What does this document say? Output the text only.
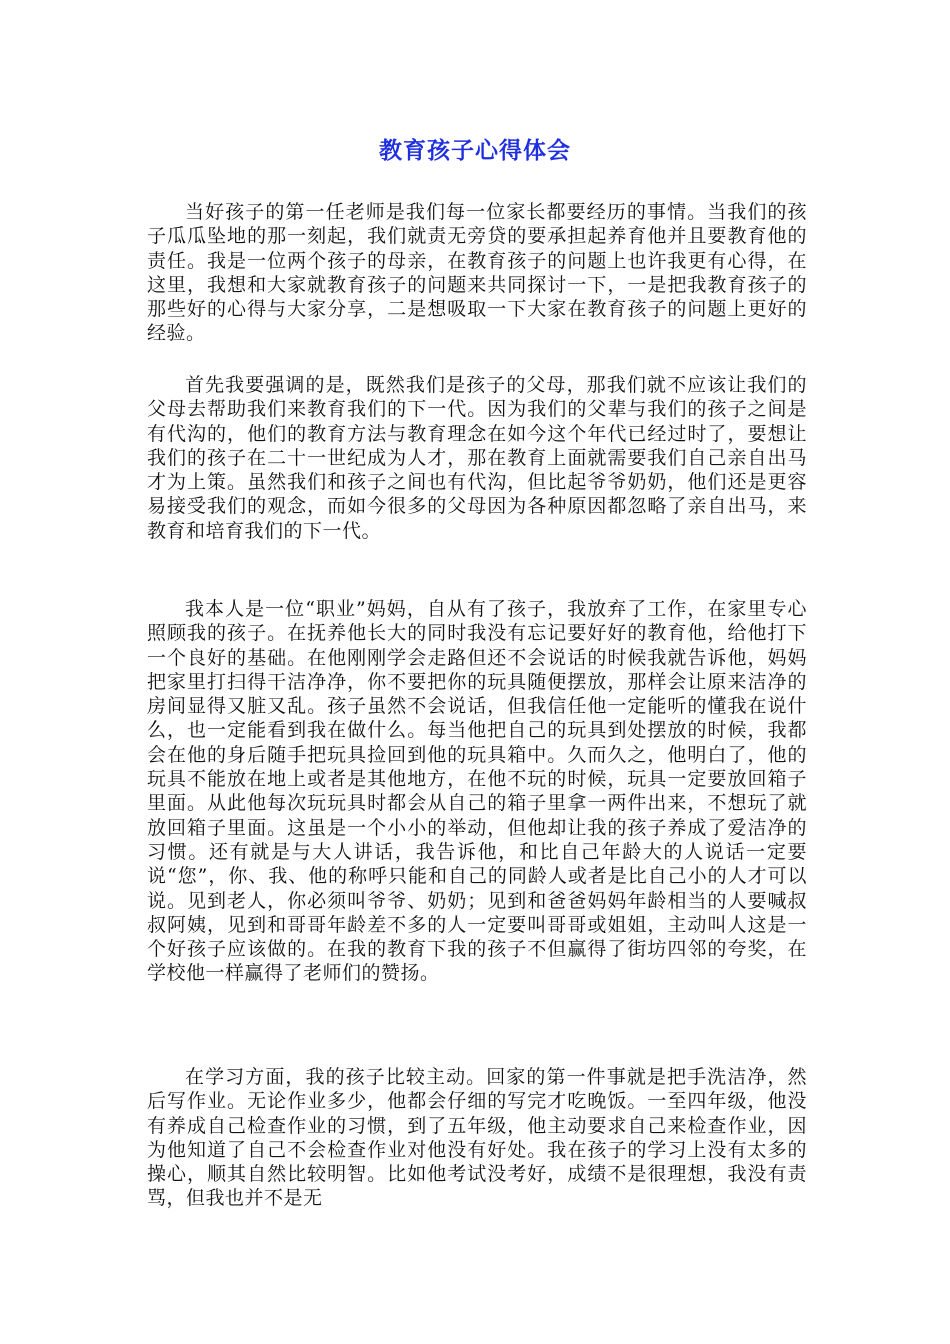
教育孩子心得体会

当好孩子的第一任老师是我们每一位家长都要经历的事情。当我们的孩子瓜瓜坠地的那一刻起，我们就责无旁贷的要承担起养育他并且要教育他的责任。我是一位两个孩子的母亲，在教育孩子的问题上也许我更有心得，在这里，我想和大家就教育孩子的问题来共同探讨一下，一是把我教育孩子的那些好的心得与大家分享，二是想吸取一下大家在教育孩子的问题上更好的经验。

首先我要强调的是，既然我们是孩子的父母，那我们就不应该让我们的父母去帮助我们来教育我们的下一代。因为我们的父辈与我们的孩子之间是有代沟的，他们的教育方法与教育理念在如今这个年代已经过时了，要想让我们的孩子在二十一世纪成为人才，那在教育上面就需要我们自己亲自出马才为上策。虽然我们和孩子之间也有代沟，但比起爷爷奶奶，他们还是更容易接受我们的观念，而如今很多的父母因为各种原因都忽略了亲自出马，来教育和培育我们的下一代。

我本人是一位“职业”妈妈，自从有了孩子，我放弃了工作，在家里专心照顾我的孩子。在抚养他长大的同时我没有忘记要好好的教育他，给他打下一个良好的基础。在他刚刚学会走路但还不会说话的时候我就告诉他，妈妈把家里打扫得干洁净净，你不要把你的玩具随便摆放，那样会让原来洁净的房间显得又脏又乱。孩子虽然不会说话，但我信任他一定能听的懂我在说什么，也一定能看到我在做什么。每当他把自己的玩具到处摆放的时候，我都会在他的身后随手把玩具捡回到他的玩具箱中。久而久之，他明白了，他的玩具不能放在地上或者是其他地方，在他不玩的时候，玩具一定要放回箱子里面。从此他每次玩玩具时都会从自己的箱子里拿一两件出来，不想玩了就放回箱子里面。这虽是一个小小的举动，但他却让我的孩子养成了爱洁净的习惯。还有就是与大人讲话，我告诉他，和比自己年龄大的人说话一定要说“您”，你、我、他的称呼只能和自己的同龄人或者是比自己小的人才可以说。见到老人，你必须叫爷爷、奶奶；见到和爸爸妈妈年龄相当的人要喊叔叔阿姨，见到和哥哥年龄差不多的人一定要叫哥哥或姐姐，主动叫人这是一个好孩子应该做的。在我的教育下我的孩子不但赢得了街坊四邻的夸奖，在学校他一样赢得了老师们的赞扬。

在学习方面，我的孩子比较主动。回家的第一件事就是把手洗洁净，然后写作业。无论作业多少，他都会仔细的写完才吃晚饭。一至四年级，他没有养成自己检查作业的习惯，到了五年级，他主动要求自己来检查作业，因为他知道了自己不会检查作业对他没有好处。我在孩子的学习上没有太多的操心，顺其自然比较明智。比如他考试没考好，成绩不是很理想，我没有责骂，但我也并不是无
